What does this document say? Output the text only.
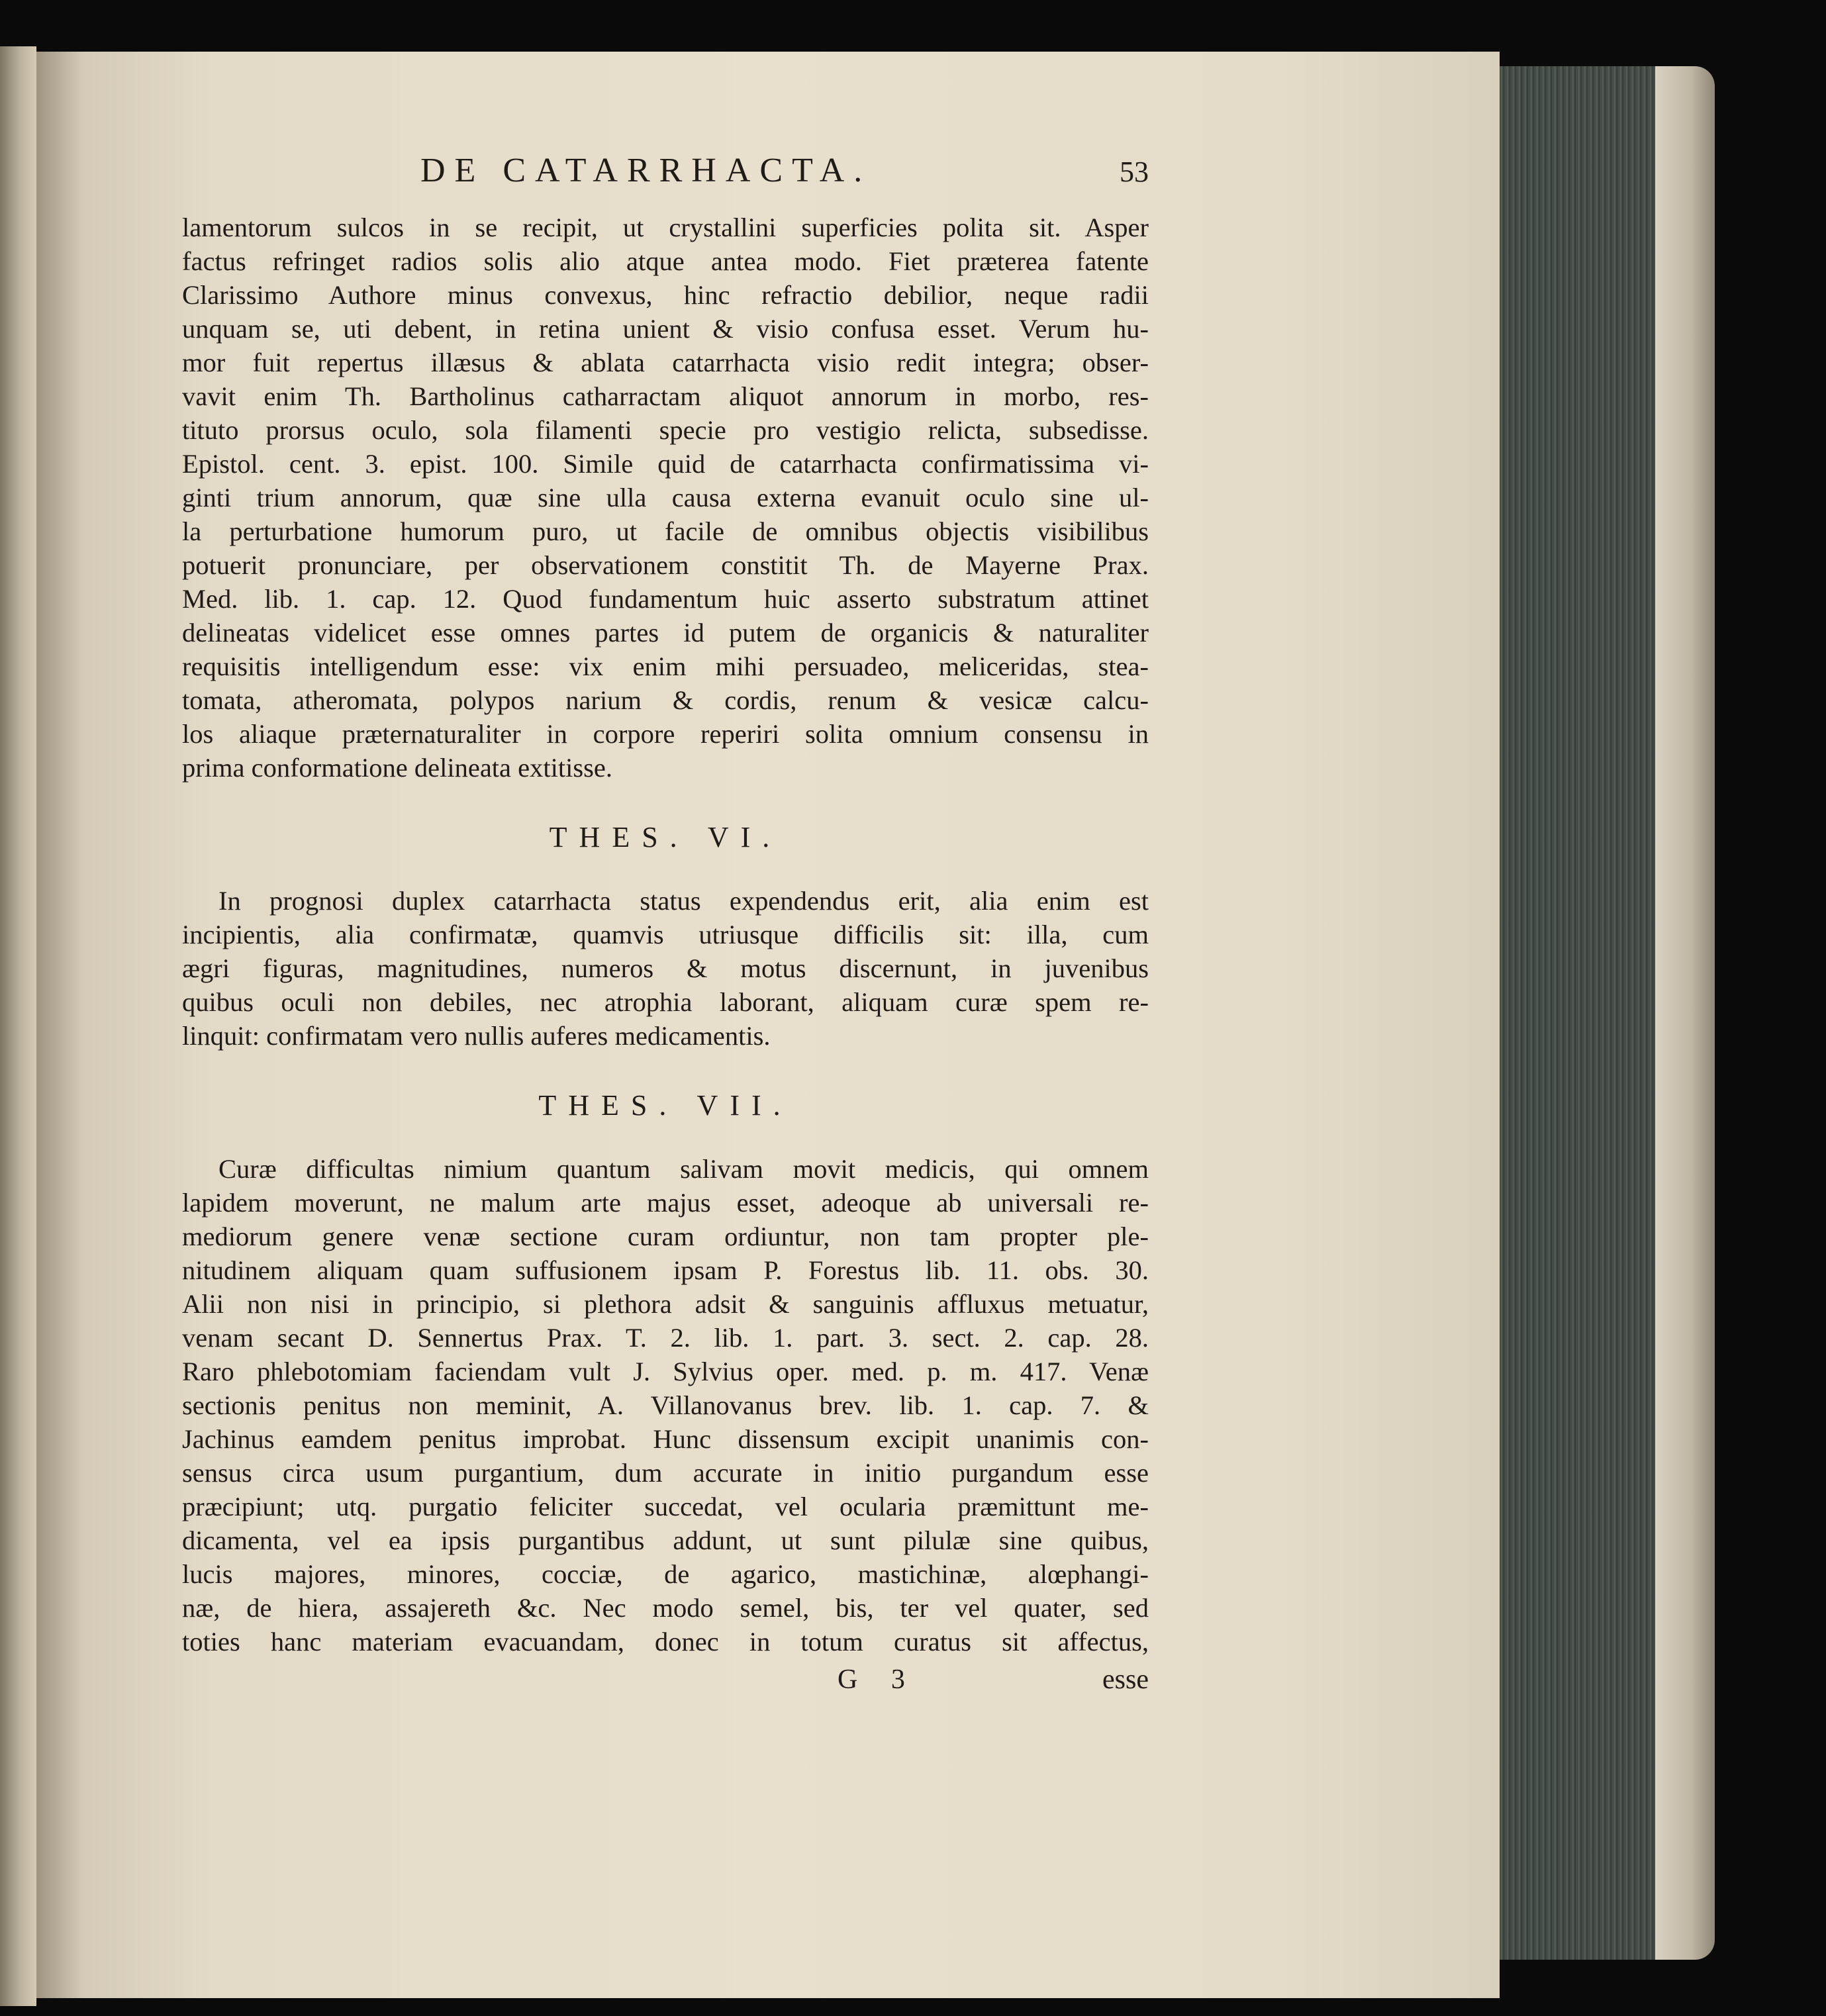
DE CATARRHACTA.	53

lamentorum sulcos in se recipit, ut crystallini superficies polita sit. Asper
factus refringet radios solis alio atque antea modo. Fiet præterea fatente
Clarissimo Authore minus convexus, hinc refractio debilior, neque radii
unquam se, uti debent, in retina unient & visio confusa esset. Verum hu-
mor fuit repertus illæsus & ablata catarrhacta visio redit integra; obser-
vavit enim Th. Bartholinus catharractam aliquot annorum in morbo, res-
tituto prorsus oculo, sola filamenti specie pro vestigio relicta, subsedisse.
Epistol. cent. 3. epist. 100. Simile quid de catarrhacta confirmatissima vi-
ginti trium annorum, quæ sine ulla causa externa evanuit oculo sine ul-
la perturbatione humorum puro, ut facile de omnibus objectis visibilibus
potuerit pronunciare, per observationem constitit Th. de Mayerne Prax.
Med. lib. 1. cap. 12. Quod fundamentum huic asserto substratum attinet
delineatas videlicet esse omnes partes id putem de organicis & naturaliter
requisitis intelligendum esse: vix enim mihi persuadeo, meliceridas, stea-
tomata, atheromata, polypos narium & cordis, renum & vesicæ calcu-
los aliaque præternaturaliter in corpore reperiri solita omnium consensu in
prima conformatione delineata extitisse.

THES. VI.

In prognosi duplex catarrhacta status expendendus erit, alia enim est
incipientis, alia confirmatæ, quamvis utriusque difficilis sit: illa, cum
ægri figuras, magnitudines, numeros & motus discernunt, in juvenibus
quibus oculi non debiles, nec atrophia laborant, aliquam curæ spem re-
linquit: confirmatam vero nullis auferes medicamentis.

THES. VII.

Curæ difficultas nimium quantum salivam movit medicis, qui omnem
lapidem moverunt, ne malum arte majus esset, adeoque ab universali re-
mediorum genere venæ sectione curam ordiuntur, non tam propter ple-
nitudinem aliquam quam suffusionem ipsam P. Forestus lib. 11. obs. 30.
Alii non nisi in principio, si plethora adsit & sanguinis affluxus metuatur,
venam secant D. Sennertus Prax. T. 2. lib. 1. part. 3. sect. 2. cap. 28.
Raro phlebotomiam faciendam vult J. Sylvius oper. med. p. m. 417. Venæ
sectionis penitus non meminit, A. Villanovanus brev. lib. 1. cap. 7. &
Jachinus eamdem penitus improbat. Hunc dissensum excipit unanimis con-
sensus circa usum purgantium, dum accurate in initio purgandum esse
præcipiunt; utq. purgatio feliciter succedat, vel ocularia præmittunt me-
dicamenta, vel ea ipsis purgantibus addunt, ut sunt pilulæ sine quibus,
lucis majores, minores, cocciæ, de agarico, mastichinæ, alœphangi-
næ, de hiera, assajereth &c. Nec modo semel, bis, ter vel quater, sed
toties hanc materiam evacuandam, donec in totum curatus sit affectus,

G 3	esse
